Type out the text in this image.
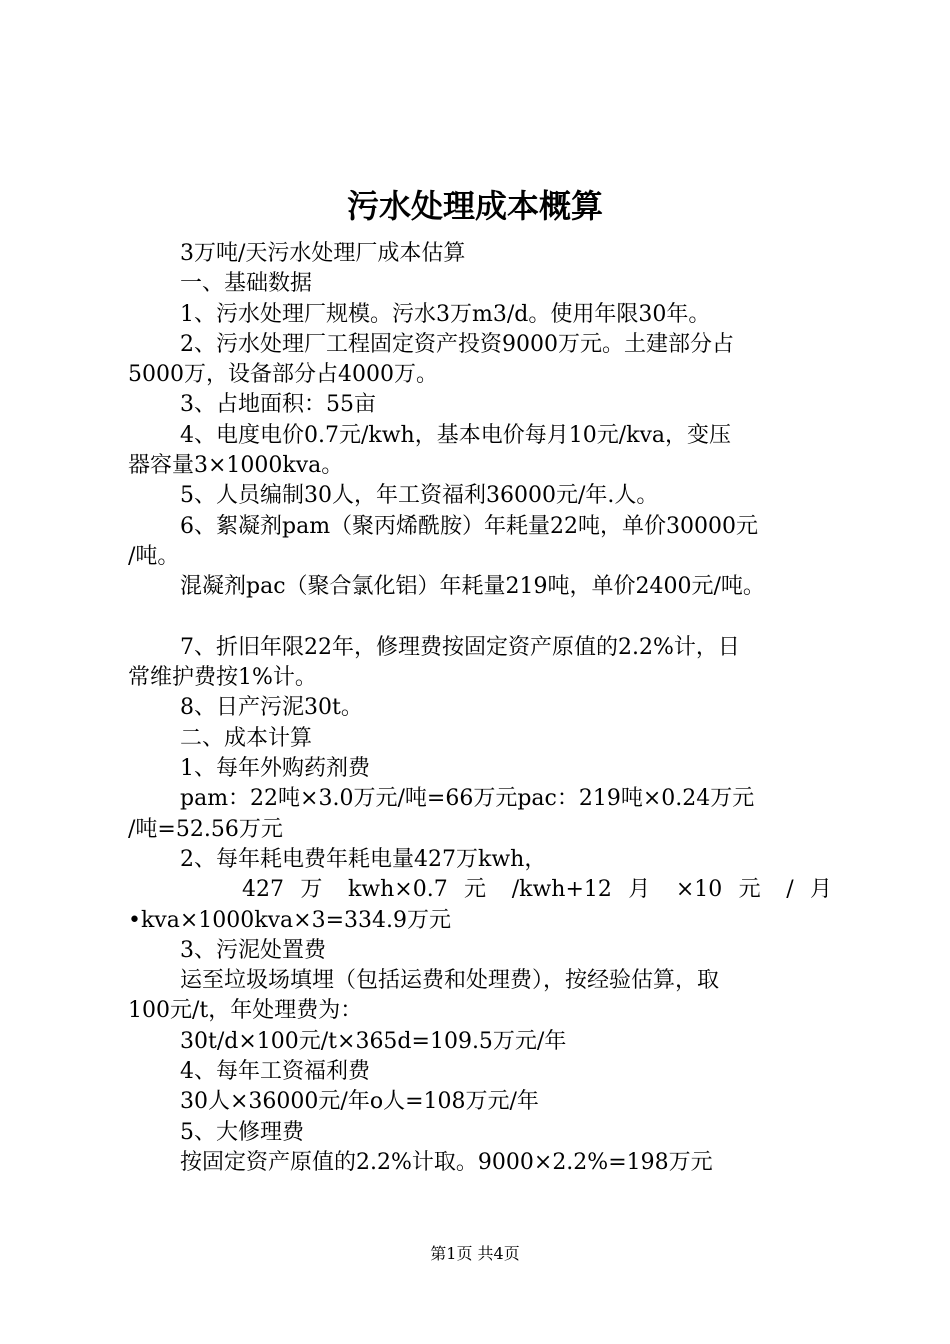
污水处理成本概算

3万吨/天污水处理厂成本估算

一、基础数据

1、污水处理厂规模。污水3万m3/d。使用年限30年。

2、污水处理厂工程固定资产投资9000万元。土建部分占

5000万，设备部分占4000万。

3、占地面积：55亩

4、电度电价0.7元/kwh，基本电价每月10元/kva，变压

器容量3×1000kva。

5、人员编制30人，年工资福利36000元/年.人。

6、絮凝剂pam（聚丙烯酰胺）年耗量22吨，单价30000元

/吨。

混凝剂pac（聚合氯化铝）年耗量219吨，单价2400元/吨。

7、折旧年限22年，修理费按固定资产原值的2.2%计，日

常维护费按1%计。

8、日产污泥30t。

二、成本计算

1、每年外购药剂费

pam：22吨×3.0万元/吨=66万元pac：219吨×0.24万元

/吨=52.56万元

2、每年耗电费年耗电量427万kwh，

427 万 kwh×0.7 元 /kwh+12 月 ×10 元 / 月

•kva×1000kva×3=334.9万元

3、污泥处置费

运至垃圾场填埋（包括运费和处理费），按经验估算，取

100元/t，年处理费为：

30t/d×100元/t×365d=109.5万元/年

4、每年工资福利费

30人×36000元/年o人=108万元/年

5、大修理费

按固定资产原值的2.2%计取。9000×2.2%=198万元

第1页 共4页
